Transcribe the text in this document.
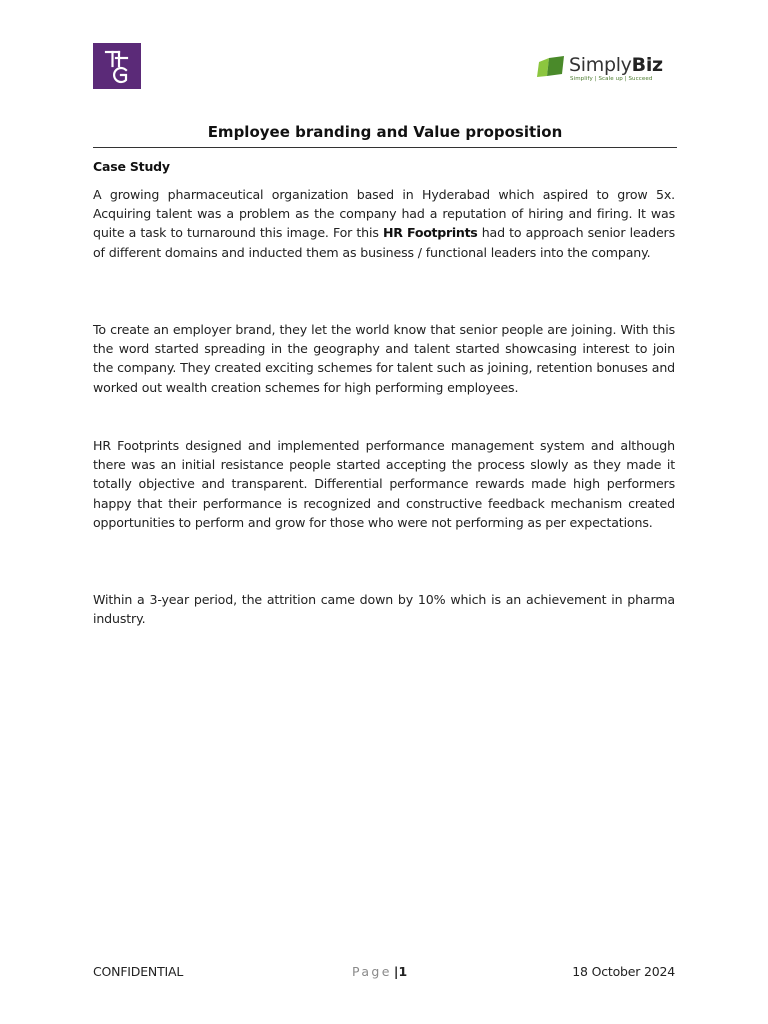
SimplyBiz
Simplify | Scale up | Succeed
Employee branding and Value proposition
Case Study

A growing pharmaceutical organization based in Hyderabad which aspired to grow 5x. Acquiring talent was a problem as the company had a reputation of hiring and firing. It was quite a task to turnaround this image. For this HR Footprints had to approach senior leaders of different domains and inducted them as business / functional leaders into the company.

To create an employer brand, they let the world know that senior people are joining. With this the word started spreading in the geography and talent started showcasing interest to join the company. They created exciting schemes for talent such as joining, retention bonuses and worked out wealth creation schemes for high performing employees.

HR Footprints designed and implemented performance management system and although there was an initial resistance people started accepting the process slowly as they made it totally objective and transparent. Differential performance rewards made high performers happy that their performance is recognized and constructive feedback mechanism created opportunities to perform and grow for those who were not performing as per expectations.

Within a 3-year period, the attrition came down by 10% which is an achievement in pharma industry.

CONFIDENTIAL	Page |1	18 October 2024
